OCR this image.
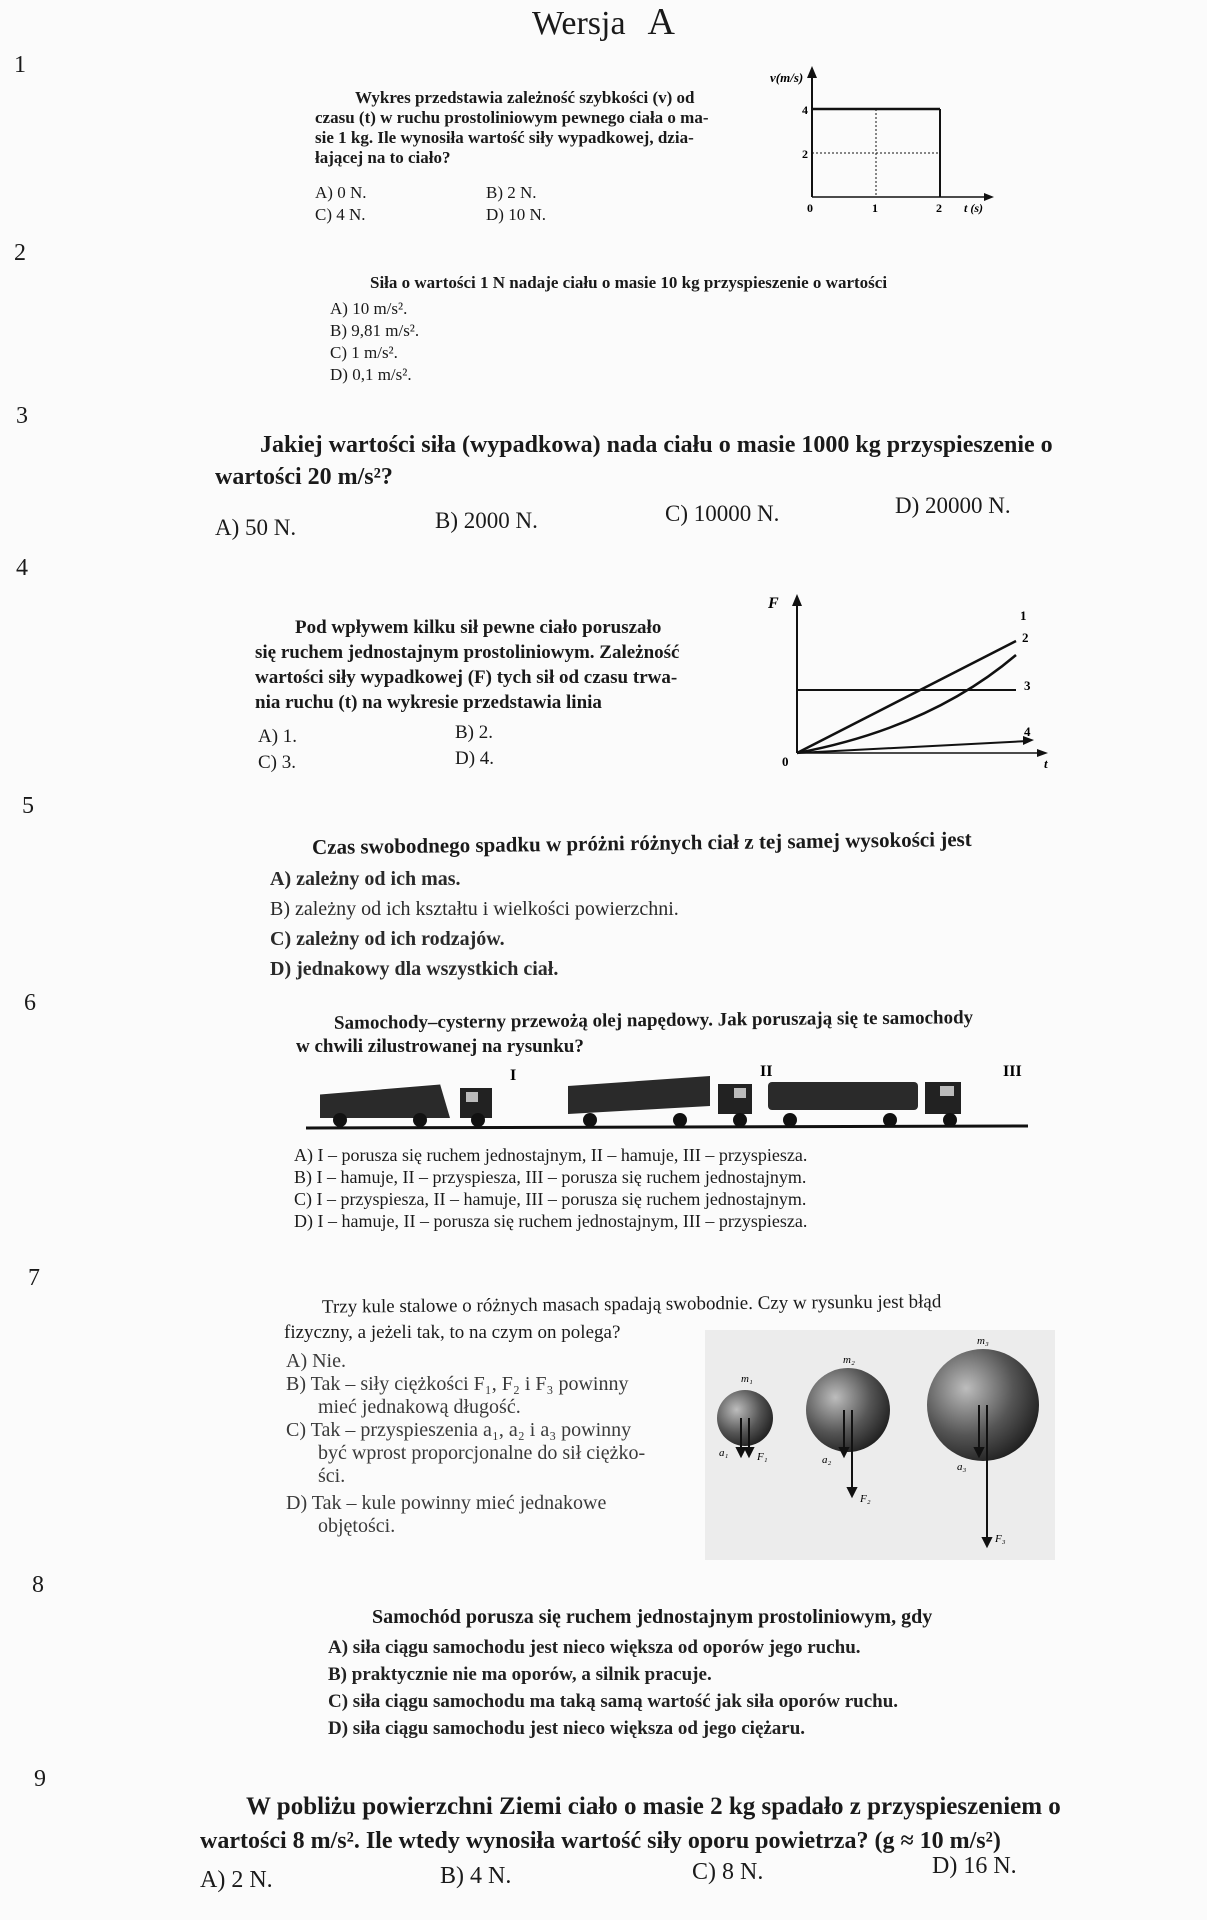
Wersja A
1
2
3
4
5
6
7
8
9
Wykres przedstawia zależność szybkości (v) od
czasu (t) w ruchu prostoliniowym pewnego ciała o ma-
sie 1 kg. Ile wynosiła wartość siły wypadkowej, dzia-
łającej na to ciało?
A) 0 N.	B) 2 N.
C) 4 N.	D) 10 N.
v(m/s)
4
2
0	1	2 t (s)
Siła o wartości 1 N nadaje ciału o masie 10 kg przyspieszenie o wartości
A) 10 m/s².
B) 9,81 m/s².
C) 1 m/s².
D) 0,1 m/s².
Jakiej wartości siła (wypadkowa) nada ciału o masie 1000 kg przyspieszenie o
wartości 20 m/s²?
A) 50 N.	B) 2000 N.	C) 10000 N.	D) 20000 N.
Pod wpływem kilku sił pewne ciało poruszało
się ruchem jednostajnym prostoliniowym. Zależność
wartości siły wypadkowej (F) tych sił od czasu trwa-
nia ruchu (t) na wykresie przedstawia linia
A) 1.	B) 2.
C) 3.	D) 4.
F
0	t
1
2
3
4
Czas swobodnego spadku w próżni różnych ciał z tej samej wysokości jest
A) zależny od ich mas.
B) zależny od ich kształtu i wielkości powierzchni.
C) zależny od ich rodzajów.
D) jednakowy dla wszystkich ciał.
Samochody–cysterny przewożą olej napędowy. Jak poruszają się te samochody
w chwili zilustrowanej na rysunku?
I	II	III
A) I – porusza się ruchem jednostajnym, II – hamuje, III – przyspiesza.
B) I – hamuje, II – przyspiesza, III – porusza się ruchem jednostajnym.
C) I – przyspiesza, II – hamuje, III – porusza się ruchem jednostajnym.
D) I – hamuje, II – porusza się ruchem jednostajnym, III – przyspiesza.
Trzy kule stalowe o różnych masach spadają swobodnie. Czy w rysunku jest błąd
fizyczny, a jeżeli tak, to na czym on polega?
A) Nie.
B) Tak – siły ciężkości F₁, F₂ i F₃ powinny
mieć jednakową długość.
C) Tak – przyspieszenia a₁, a₂ i a₃ powinny
być wprost proporcjonalne do sił ciężko-
ści.
D) Tak – kule powinny mieć jednakowe
objętości.
m₁
m₂
m₃
a₁
a₂
a₃
F₁
F₂
F₃
Samochód porusza się ruchem jednostajnym prostoliniowym, gdy
A) siła ciągu samochodu jest nieco większa od oporów jego ruchu.
B) praktycznie nie ma oporów, a silnik pracuje.
C) siła ciągu samochodu ma taką samą wartość jak siła oporów ruchu.
D) siła ciągu samochodu jest nieco większa od jego ciężaru.
W pobliżu powierzchni Ziemi ciało o masie 2 kg spadało z przyspieszeniem o
wartości 8 m/s². Ile wtedy wynosiła wartość siły oporu powietrza? (g ≈ 10 m/s²)
A) 2 N.	B) 4 N.	C) 8 N.	D) 16 N.
